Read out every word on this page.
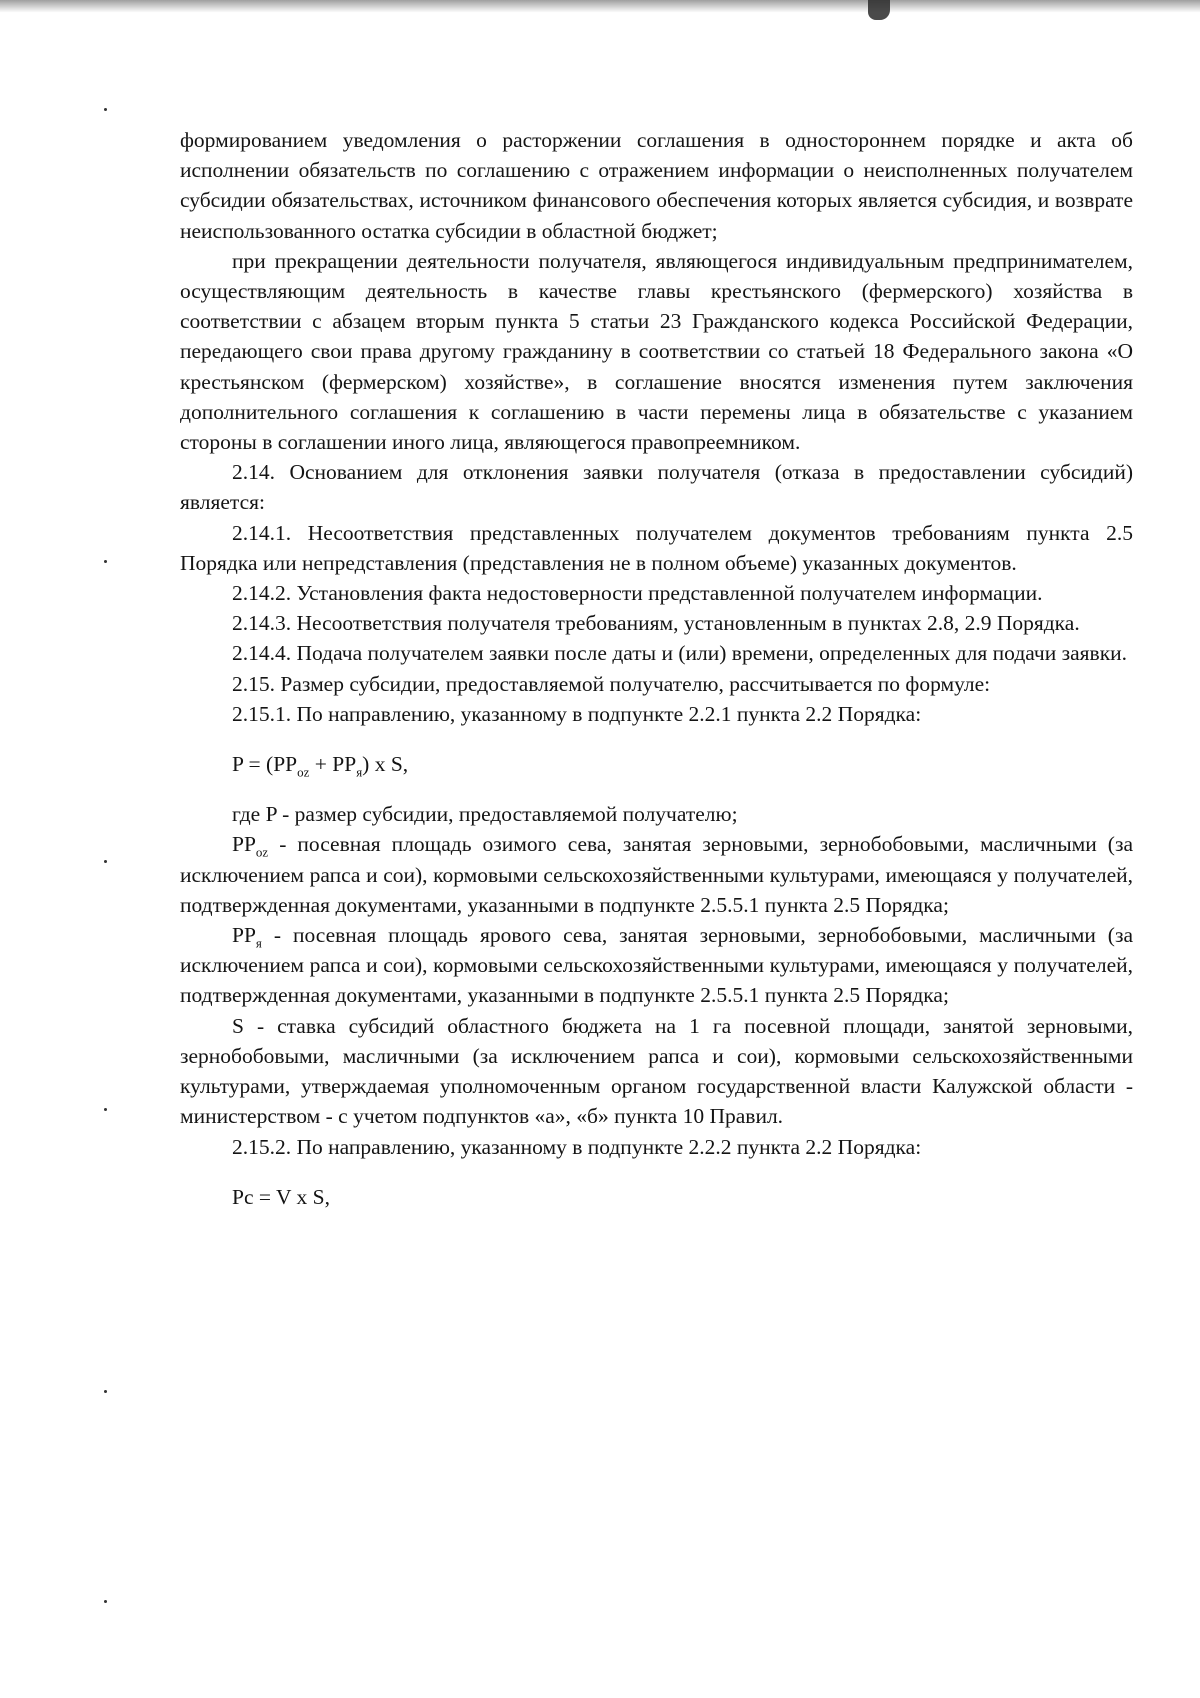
формированием уведомления о расторжении соглашения в одностороннем порядке и акта об исполнении обязательств по соглашению с отражением информации о неисполненных получателем субсидии обязательствах, источником финансового обеспечения которых является субсидия, и возврате неиспользованного остатка субсидии в областной бюджет;

при прекращении деятельности получателя, являющегося индивидуальным предпринимателем, осуществляющим деятельность в качестве главы крестьянского (фермерского) хозяйства в соответствии с абзацем вторым пункта 5 статьи 23 Гражданского кодекса Российской Федерации, передающего свои права другому гражданину в соответствии со статьей 18 Федерального закона «О крестьянском (фермерском) хозяйстве», в соглашение вносятся изменения путем заключения дополнительного соглашения к соглашению в части перемены лица в обязательстве с указанием стороны в соглашении иного лица, являющегося правопреемником.

2.14. Основанием для отклонения заявки получателя (отказа в предоставлении субсидий) является:

2.14.1. Несоответствия представленных получателем документов требованиям пункта 2.5 Порядка или непредставления (представления не в полном объеме) указанных документов.

2.14.2. Установления факта недостоверности представленной получателем информации.

2.14.3. Несоответствия получателя требованиям, установленным в пунктах 2.8, 2.9 Порядка.

2.14.4. Подача получателем заявки после даты и (или) времени, определенных для подачи заявки.

2.15. Размер субсидии, предоставляемой получателю, рассчитывается по формуле:

2.15.1. По направлению, указанному в подпункте 2.2.1 пункта 2.2 Порядка:

$P = (PP_{oz} + PP_я)$ x S,

где P - размер субсидии, предоставляемой получателю;

$PP_{oz}$ - посевная площадь озимого сева, занятая зерновыми, зернобобовыми, масличными (за исключением рапса и сои), кормовыми сельскохозяйственными культурами, имеющаяся у получателей, подтвержденная документами, указанными в подпункте 2.5.5.1 пункта 2.5 Порядка;

$PP_я$ - посевная площадь ярового сева, занятая зерновыми, зернобобовыми, масличными (за исключением рапса и сои), кормовыми сельскохозяйственными культурами, имеющаяся у получателей, подтвержденная документами, указанными в подпункте 2.5.5.1 пункта 2.5 Порядка;

S - ставка субсидий областного бюджета на 1 га посевной площади, занятой зерновыми, зернобобовыми, масличными (за исключением рапса и сои), кормовыми сельскохозяйственными культурами, утверждаемая уполномоченным органом государственной власти Калужской области - министерством - с учетом подпунктов «а», «б» пункта 10 Правил.

2.15.2. По направлению, указанному в подпункте 2.2.2 пункта 2.2 Порядка:

Pc = V x S,
